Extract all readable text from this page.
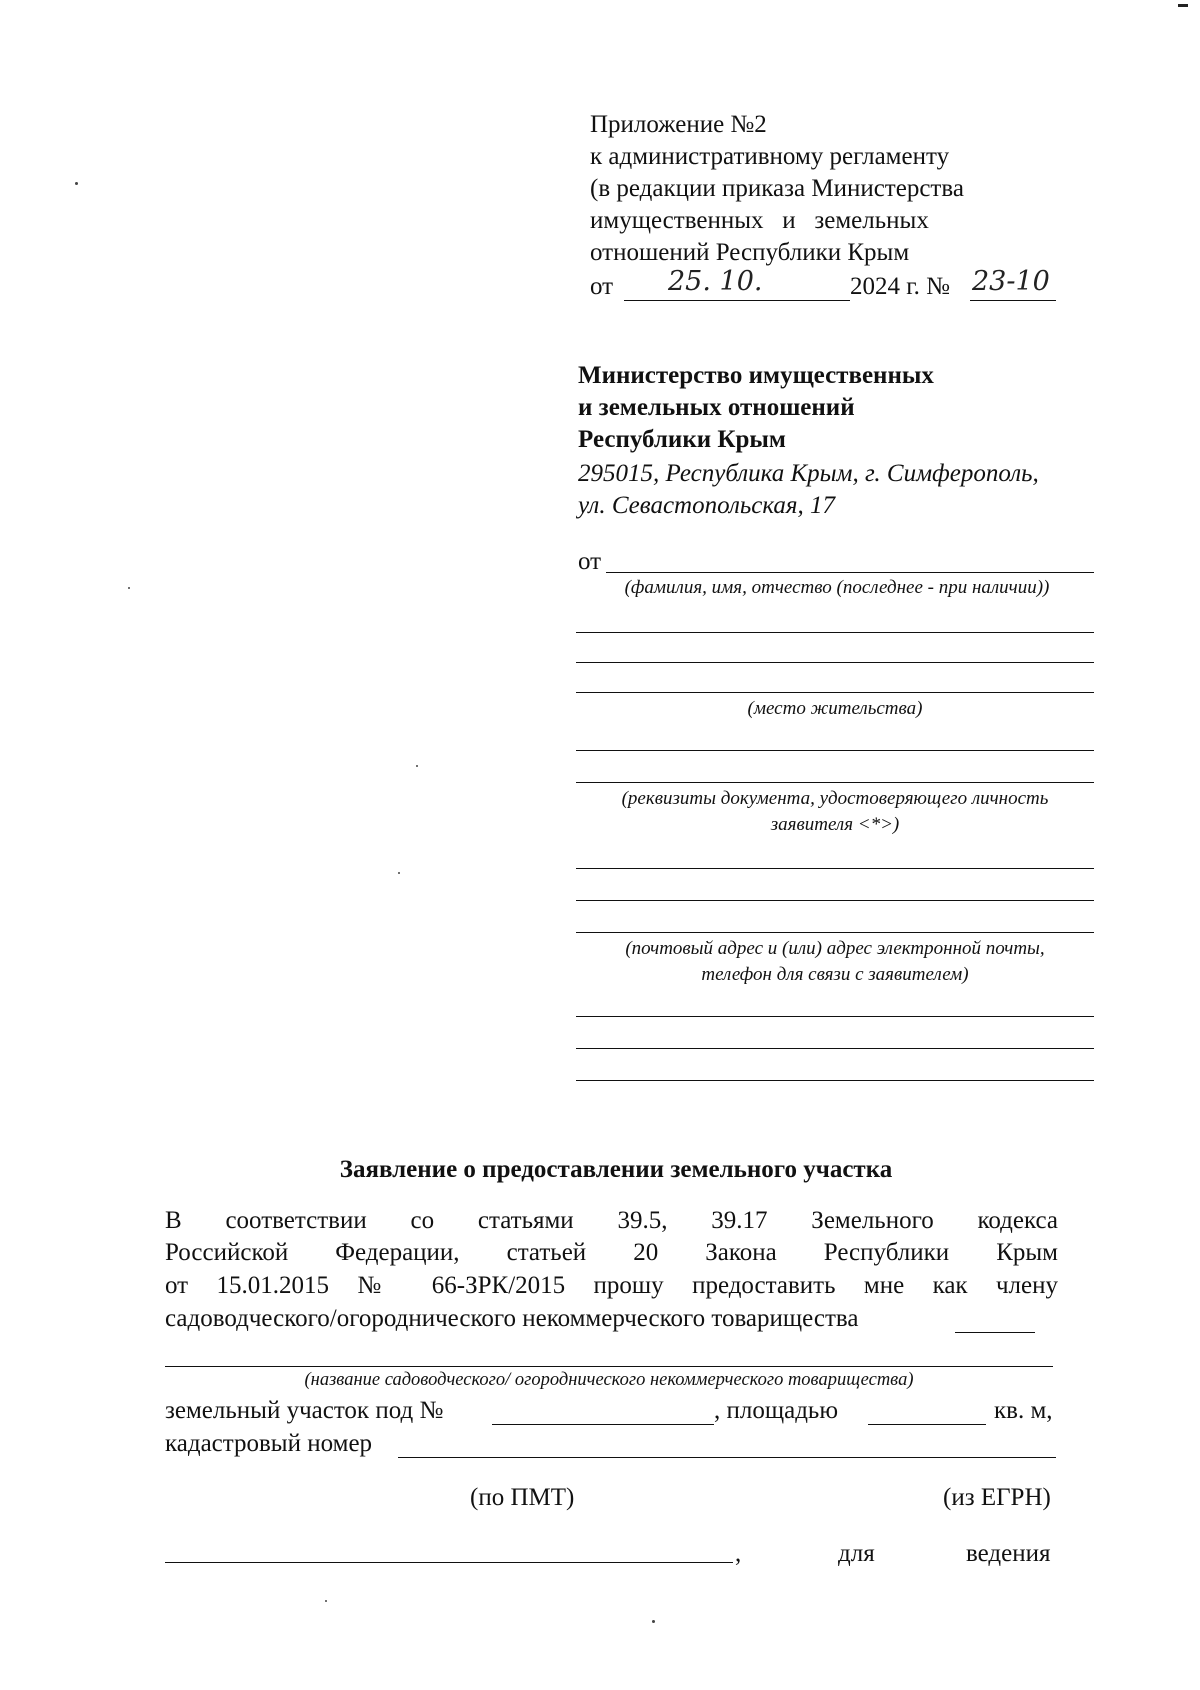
Приложение №2
к административному регламенту
(в редакции приказа Министерства
имущественных   и   земельных
отношений Республики Крым
от 25. 10.	2024 г. № 23-10
Министерство имущественных
и земельных отношений
Республики Крым
295015, Республика Крым, г. Симферополь,
ул. Севастопольская, 17
от
(фамилия, имя, отчество (последнее - при наличии))
(место жительства)
(реквизиты документа, удостоверяющего личность
заявителя <*>)
(почтовый адрес и (или) адрес электронной почты,
телефон для связи с заявителем)
Заявление о предоставлении земельного участка
В соответствии со статьями 39.5, 39.17 Земельного кодекса
Российской Федерации, статьей 20 Закона Республики Крым
от 15.01.2015 № 66-ЗРК/2015 прошу предоставить мне как члену
садоводческого/огороднического некоммерческого товарищества
(название садоводческого/ огороднического некоммерческого товарищества)
земельный участок под №	, площадью	кв. м,
кадастровый номер
(по ПМТ)	(из ЕГРН)
,	для	ведения
